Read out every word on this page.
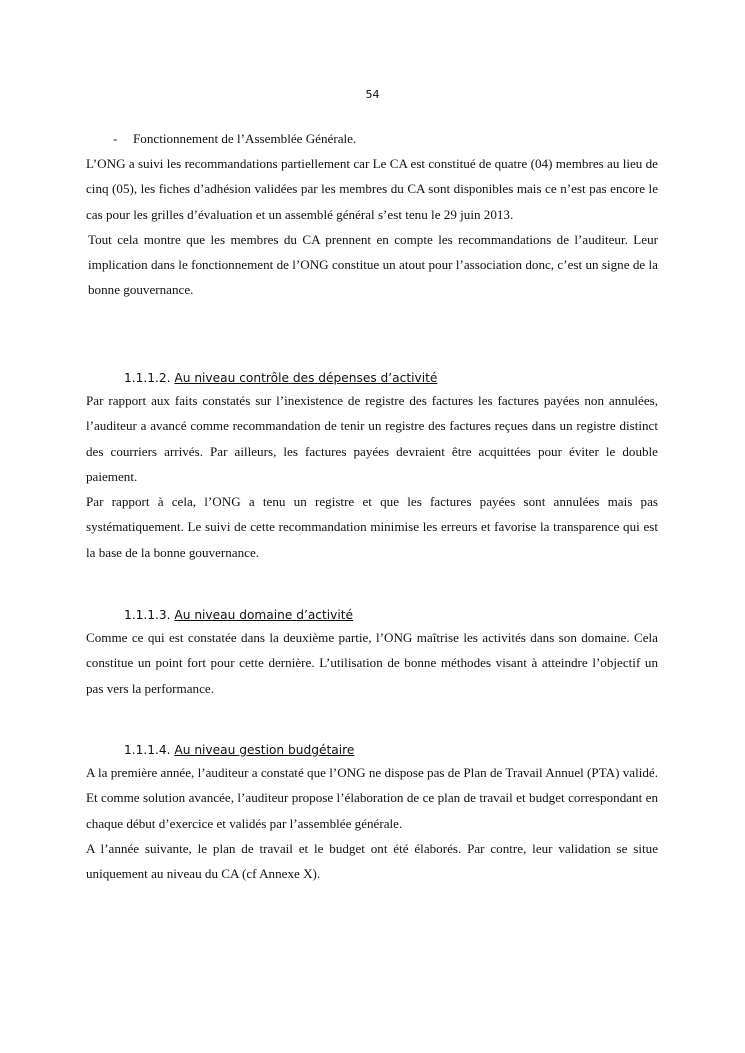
54

- Fonctionnement de l’Assemblée Générale.

L’ONG a suivi les recommandations partiellement car Le CA est constitué de quatre (04) membres au lieu de cinq (05), les fiches d’adhésion validées par les membres du CA sont disponibles mais ce n’est pas encore le cas pour les grilles d’évaluation et un assemblé général s’est tenu le 29 juin 2013.

Tout cela montre que les membres du CA prennent en compte les recommandations de l’auditeur. Leur implication dans le fonctionnement de l’ONG constitue un atout pour l’association donc, c’est un signe de la bonne gouvernance.

1.1.1.2. Au niveau contrôle des dépenses d’activité

Par rapport aux faits constatés sur l’inexistence de registre des factures les factures payées non annulées, l’auditeur a avancé comme recommandation de tenir un registre des factures reçues dans un registre distinct des courriers arrivés. Par ailleurs, les factures payées devraient être acquittées pour éviter le double paiement.

Par rapport à cela, l’ONG a tenu un registre et que les factures payées sont annulées mais pas systématiquement. Le suivi de cette recommandation minimise les erreurs et favorise la transparence qui est la base de la bonne gouvernance.

1.1.1.3. Au niveau domaine d’activité

Comme ce qui est constatée dans la deuxième partie, l’ONG maîtrise les activités dans son domaine. Cela constitue un point fort pour cette dernière. L’utilisation de bonne méthodes visant à atteindre l’objectif un pas vers la performance.

1.1.1.4. Au niveau gestion budgétaire

A la première année, l’auditeur a constaté que l’ONG ne dispose pas de Plan de Travail Annuel (PTA) validé. Et comme solution avancée, l’auditeur propose l’élaboration de ce plan de travail et budget correspondant en chaque début d’exercice et validés par l’assemblée générale.

A l’année suivante, le plan de travail et le budget ont été élaborés. Par contre, leur validation se situe uniquement au niveau du CA (cf Annexe X).
